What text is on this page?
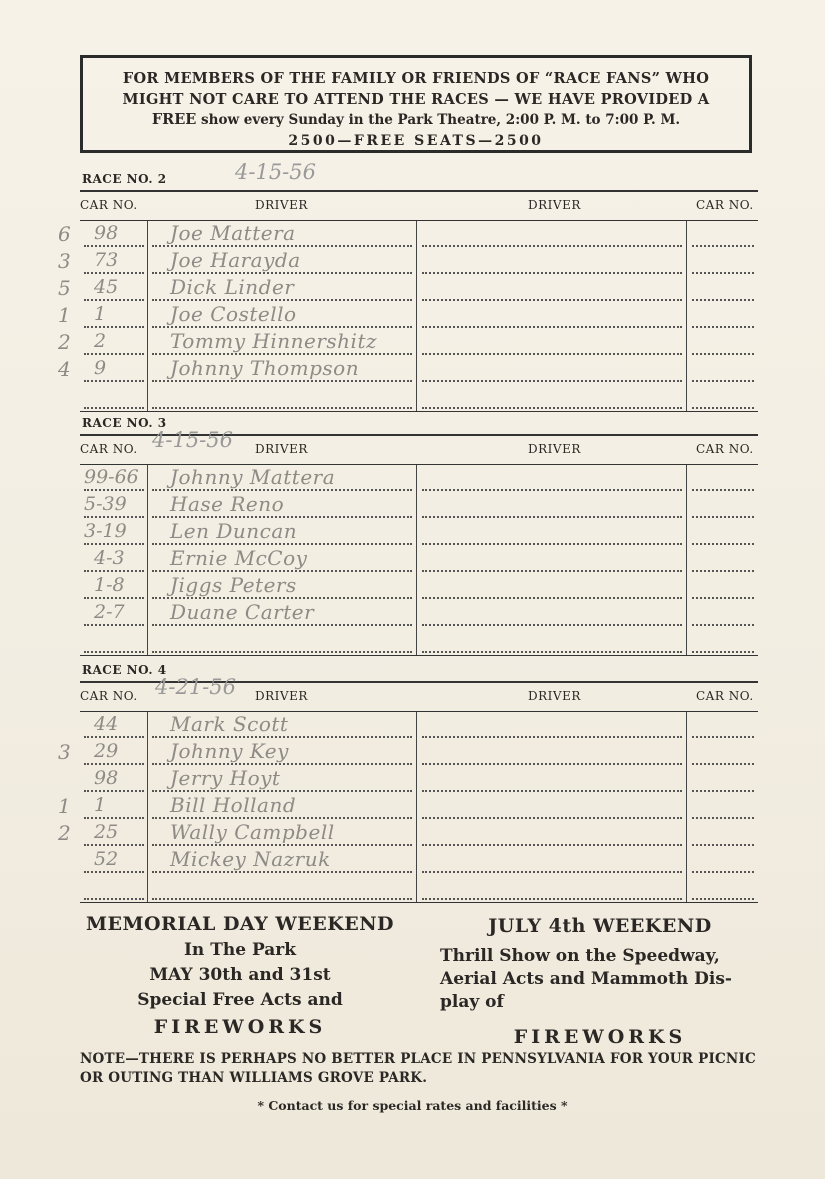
FOR MEMBERS OF THE FAMILY OR FRIENDS OF “RACE FANS” WHO
MIGHT NOT CARE TO ATTEND THE RACES — WE HAVE PROVIDED A
FREE show every Sunday in the Park Theatre, 2:00 P. M. to 7:00 P. M.
2500—FREE SEATS—2500
RACE NO. 2	4-15-56
CAR NO.	DRIVER	DRIVER	CAR NO.
6 98	Joe Mattera
3 73	Joe Harayda
5 45	Dick Linder
1 1	Joe Costello
2 2	Tommy Hinnershitz
4 9	Johnny Thompson
RACE NO. 3
4-15-56
CAR NO.	DRIVER	DRIVER	CAR NO.
99-66 Johnny Mattera
5-39 Hase Reno
3-19 Len Duncan
4-3 Ernie McCoy
1-8 Jiggs Peters
2-7 Duane Carter
RACE NO. 4
4-21-56
CAR NO.	DRIVER	DRIVER	CAR NO.
44	Mark Scott
3 29	Johnny Key
98	Jerry Hoyt
1 1	Bill Holland
2 25	Wally Campbell
52	Mickey Nazruk
MEMORIAL DAY WEEKEND
In The Park
MAY 30th and 31st
Special Free Acts and
FIREWORKS
JULY 4th WEEKEND
Thrill Show on the Speedway,
Aerial Acts and Mammoth Dis-
play of
FIREWORKS
NOTE—THERE IS PERHAPS NO BETTER PLACE IN PENNSYLVANIA FOR YOUR PICNIC OR OUTING THAN WILLIAMS GROVE PARK.
* Contact us for special rates and facilities *
